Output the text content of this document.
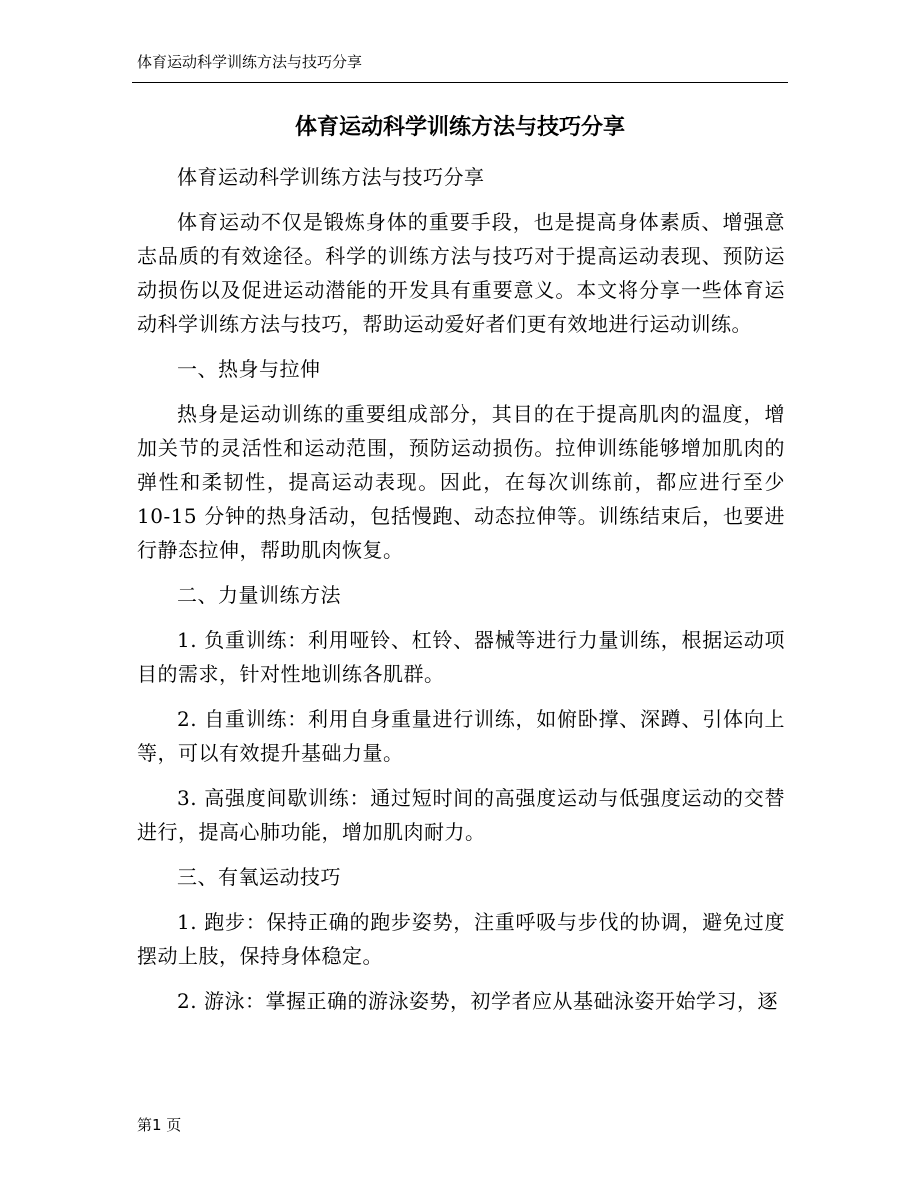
体育运动科学训练方法与技巧分享
体育运动科学训练方法与技巧分享

体育运动科学训练方法与技巧分享

体育运动不仅是锻炼身体的重要手段，也是提高身体素质、增强意志品质的有效途径。科学的训练方法与技巧对于提高运动表现、预防运动损伤以及促进运动潜能的开发具有重要意义。本文将分享一些体育运动科学训练方法与技巧，帮助运动爱好者们更有效地进行运动训练。

一、热身与拉伸

热身是运动训练的重要组成部分，其目的在于提高肌肉的温度，增加关节的灵活性和运动范围，预防运动损伤。拉伸训练能够增加肌肉的弹性和柔韧性，提高运动表现。因此，在每次训练前，都应进行至少 10-15 分钟的热身活动，包括慢跑、动态拉伸等。训练结束后，也要进行静态拉伸，帮助肌肉恢复。

二、力量训练方法

1. 负重训练：利用哑铃、杠铃、器械等进行力量训练，根据运动项目的需求，针对性地训练各肌群。

2. 自重训练：利用自身重量进行训练，如俯卧撑、深蹲、引体向上等，可以有效提升基础力量。

3. 高强度间歇训练：通过短时间的高强度运动与低强度运动的交替进行，提高心肺功能，增加肌肉耐力。

三、有氧运动技巧

1. 跑步：保持正确的跑步姿势，注重呼吸与步伐的协调，避免过度摆动上肢，保持身体稳定。

2. 游泳：掌握正确的游泳姿势，初学者应从基础泳姿开始学习，逐

第1 页
